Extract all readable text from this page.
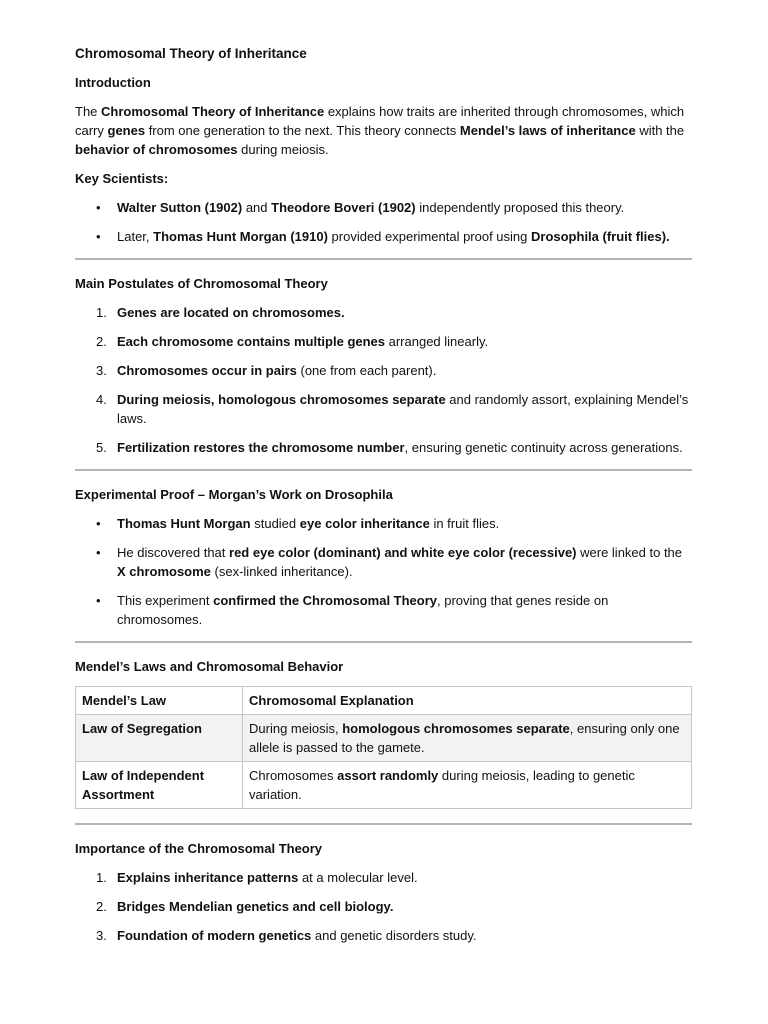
Chromosomal Theory of Inheritance
Introduction

The Chromosomal Theory of Inheritance explains how traits are inherited through chromosomes, which carry genes from one generation to the next. This theory connects Mendel’s laws of inheritance with the behavior of chromosomes during meiosis.

Key Scientists:
• Walter Sutton (1902) and Theodore Boveri (1902) independently proposed this theory.
• Later, Thomas Hunt Morgan (1910) provided experimental proof using Drosophila (fruit flies).
Main Postulates of Chromosomal Theory
1. Genes are located on chromosomes.
2. Each chromosome contains multiple genes arranged linearly.
3. Chromosomes occur in pairs (one from each parent).
4. During meiosis, homologous chromosomes separate and randomly assort, explaining Mendel’s laws.
5. Fertilization restores the chromosome number, ensuring genetic continuity across generations.
Experimental Proof – Morgan’s Work on Drosophila
• Thomas Hunt Morgan studied eye color inheritance in fruit flies.
• He discovered that red eye color (dominant) and white eye color (recessive) were linked to the X chromosome (sex-linked inheritance).
• This experiment confirmed the Chromosomal Theory, proving that genes reside on chromosomes.
Mendel’s Laws and Chromosomal Behavior
Mendel’s Law	Chromosomal Explanation
Law of Segregation	During meiosis, homologous chromosomes separate, ensuring only one allele is passed to the gamete.
Law of Independent Assortment	Chromosomes assort randomly during meiosis, leading to genetic variation.
Importance of the Chromosomal Theory
1. Explains inheritance patterns at a molecular level.
2. Bridges Mendelian genetics and cell biology.
3. Foundation of modern genetics and genetic disorders study.
